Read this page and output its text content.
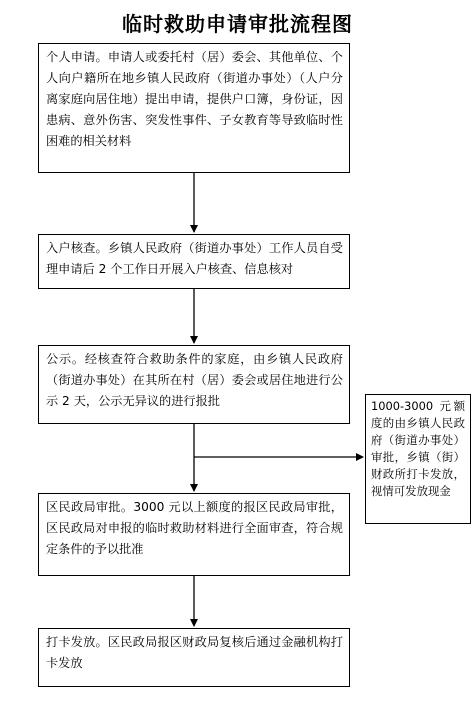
临时救助申请审批流程图
个人申请。申请人或委托村（居）委会、其他单位、个人向户籍所在地乡镇人民政府（街道办事处）（人户分离家庭向居住地）提出申请，提供户口簿，身份证，因患病、意外伤害、突发性事件、子女教育等导致临时性困难的相关材料
入户核查。乡镇人民政府（街道办事处）工作人员自受理申请后 2 个工作日开展入户核查、信息核对
公示。经核查符合救助条件的家庭，由乡镇人民政府（街道办事处）在其所在村（居）委会或居住地进行公示 2 天，公示无异议的进行报批
区民政局审批。3000 元以上额度的报区民政局审批，区民政局对申报的临时救助材料进行全面审查，符合规定条件的予以批准
打卡发放。区民政局报区财政局复核后通过金融机构打卡发放
1000-3000 元额度的由乡镇人民政府（街道办事处）审批，乡镇（街）财政所打卡发放，视情可发放现金
